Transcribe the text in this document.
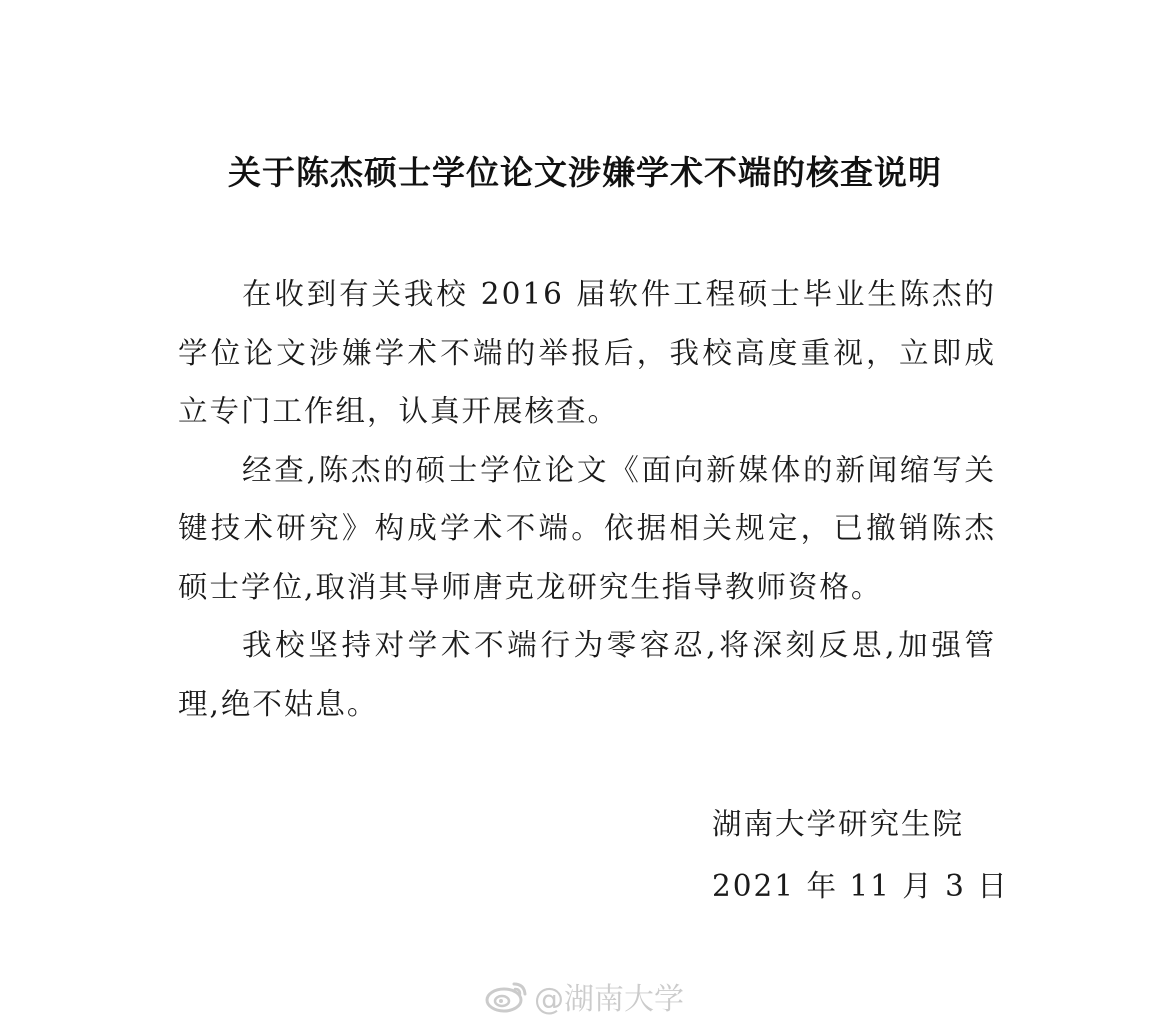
关于陈杰硕士学位论文涉嫌学术不端的核查说明

在收到有关我校 2016 届软件工程硕士毕业生陈杰的学位论文涉嫌学术不端的举报后，我校高度重视，立即成立专门工作组，认真开展核查。

经查,陈杰的硕士学位论文《面向新媒体的新闻缩写关键技术研究》构成学术不端。依据相关规定，已撤销陈杰硕士学位,取消其导师唐克龙研究生指导教师资格。

我校坚持对学术不端行为零容忍,将深刻反思,加强管理,绝不姑息。

湖南大学研究生院
2021 年 11 月 3 日
@湖南大学
